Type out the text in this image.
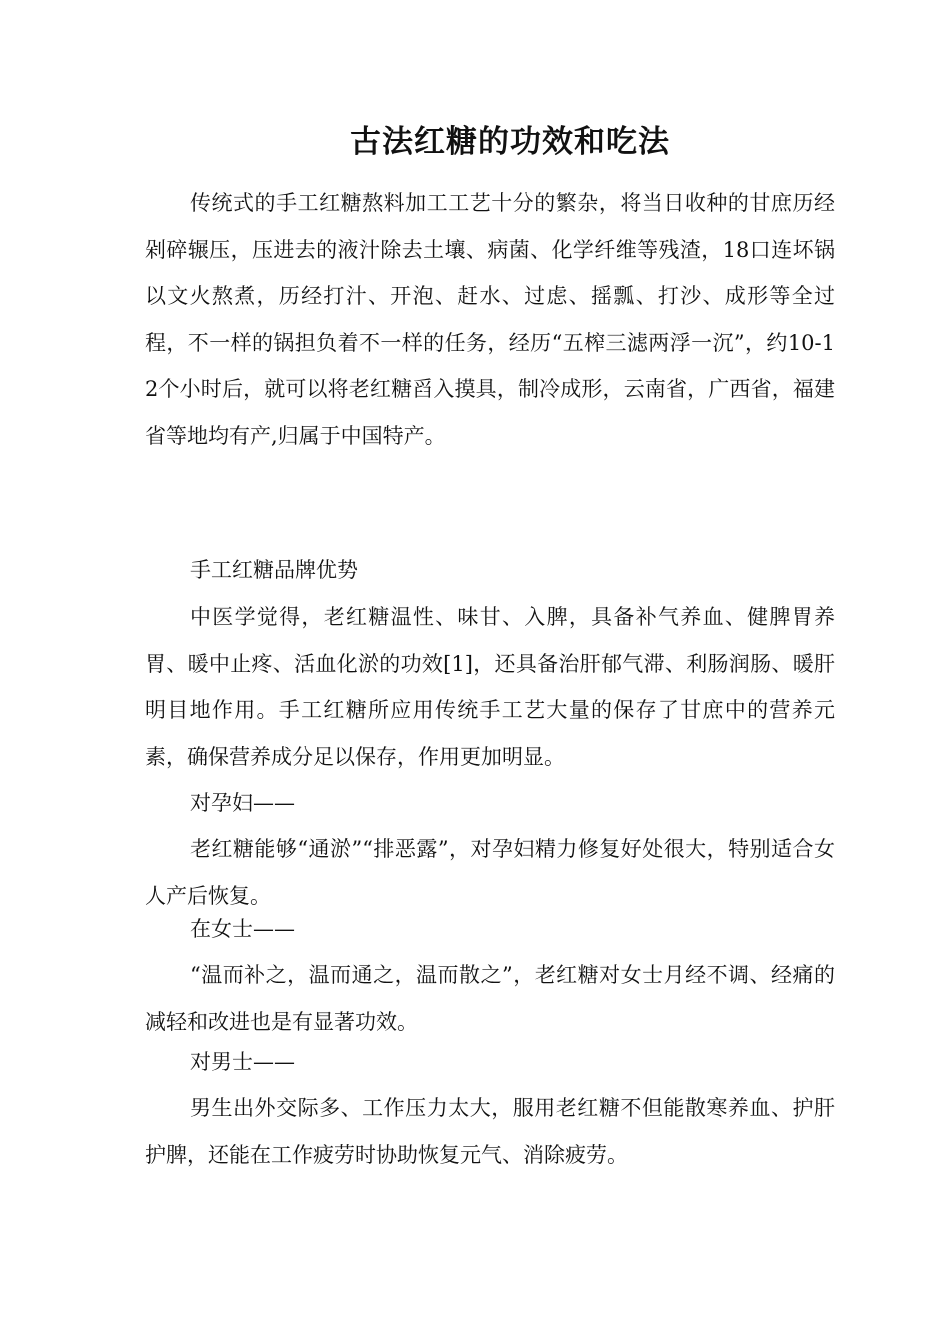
古法红糖的功效和吃法
传统式的手工红糖熬料加工工艺十分的繁杂，将当日收种的甘庶历经剁碎辗压，压进去的液汁除去土壤、病菌、化学纤维等残渣，18口连坏锅以文火熬煮，历经打汁、开泡、赶水、过虑、摇瓢、打沙、成形等全过程，不一样的锅担负着不一样的任务，经历“五榨三滤两浮一沉”，约10-12个小时后，就可以将老红糖舀入摸具，制冷成形，云南省，广西省，福建省等地均有产,归属于中国特产。
手工红糖品牌优势
中医学觉得，老红糖温性、味甘、入脾，具备补气养血、健脾胃养胃、暖中止疼、活血化淤的功效[1]，还具备治肝郁气滞、利肠润肠、暖肝明目地作用。手工红糖所应用传统手工艺大量的保存了甘庶中的营养元素，确保营养成分足以保存，作用更加明显。
对孕妇——
老红糖能够“通淤”“排恶露”，对孕妇精力修复好处很大，特别适合女人产后恢复。
在女士——
“温而补之，温而通之，温而散之”，老红糖对女士月经不调、经痛的减轻和改进也是有显著功效。
对男士——
男生出外交际多、工作压力太大，服用老红糖不但能散寒养血、护肝护脾，还能在工作疲劳时协助恢复元气、消除疲劳。
